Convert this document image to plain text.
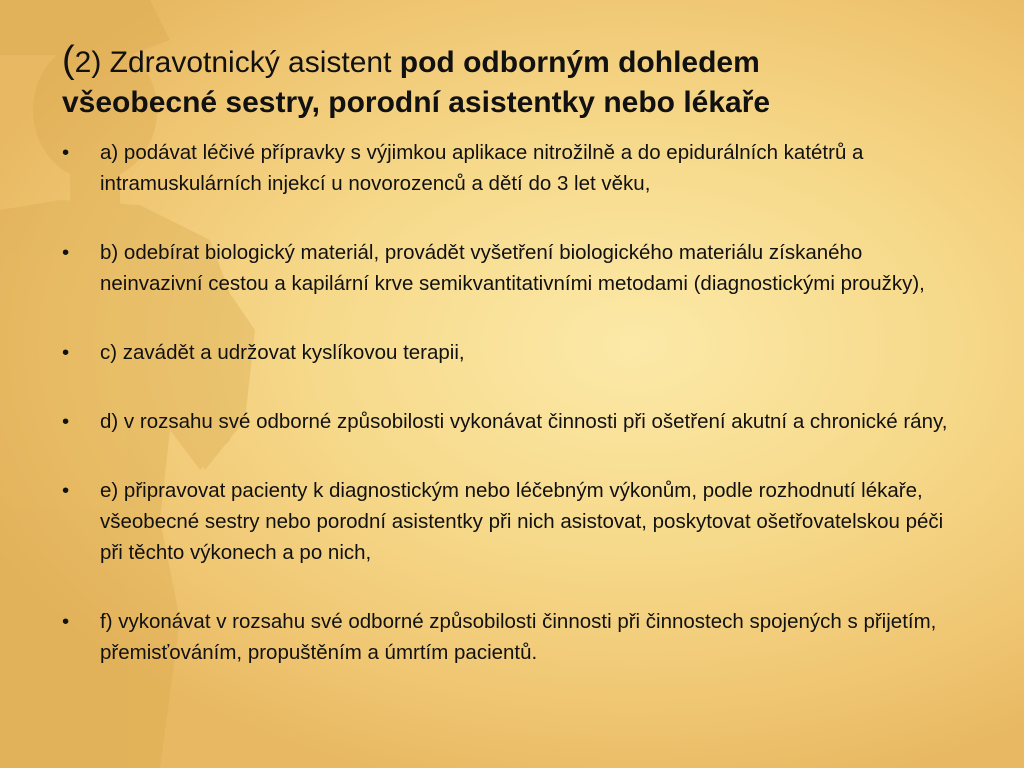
(2) Zdravotnický asistent pod odborným dohledem
všeobecné sestry, porodní asistentky nebo lékaře
• a) podávat léčivé přípravky s výjimkou aplikace nitrožilně a do epidurálních katétrů a intramuskulárních injekcí u novorozenců a dětí do 3 let věku,
• b) odebírat biologický materiál, provádět vyšetření biologického materiálu získaného neinvazivní cestou a kapilární krve semikvantitativními metodami (diagnostickými proužky),
• c) zavádět a udržovat kyslíkovou terapii,
• d) v rozsahu své odborné způsobilosti vykonávat činnosti při ošetření akutní a chronické rány,
• e) připravovat pacienty k diagnostickým nebo léčebným výkonům, podle rozhodnutí lékaře, všeobecné sestry nebo porodní asistentky při nich asistovat, poskytovat ošetřovatelskou péči při těchto výkonech a po nich,
• f) vykonávat v rozsahu své odborné způsobilosti činnosti při činnostech spojených s přijetím, přemisťováním, propuštěním a úmrtím pacientů.
